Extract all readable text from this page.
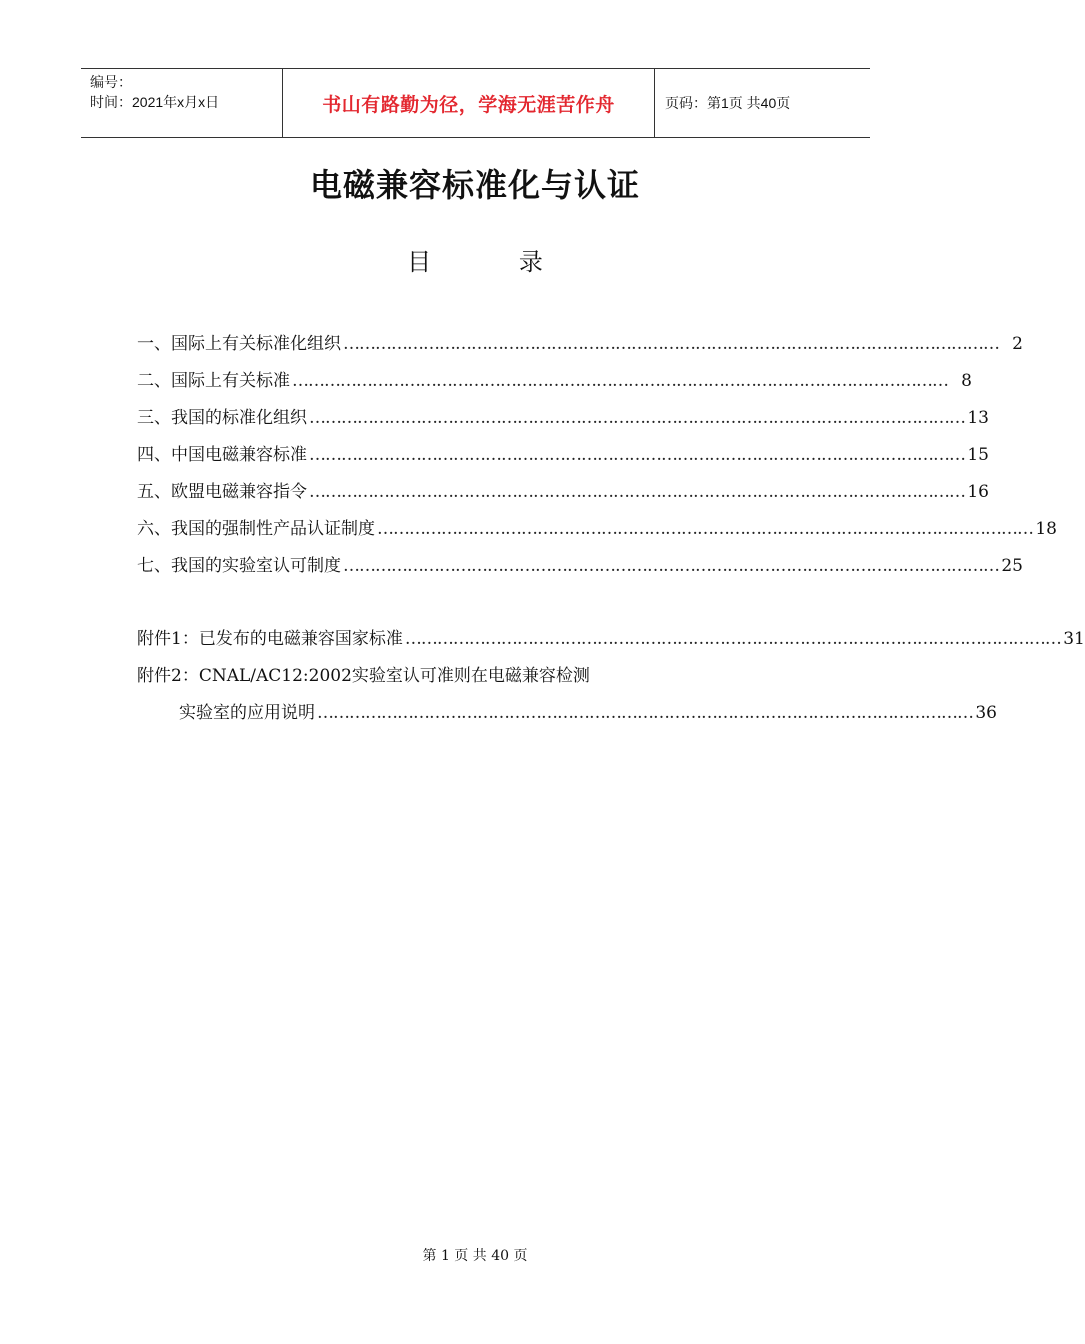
编号：
时间：2021年x月x日	书山有路勤为径，学海无涯苦作舟	页码：第1页 共40页
电磁兼容标准化与认证
目	录
一、国际上有关标准化组织 …………………………………………………………………………………………………………… 2
二、国际上有关标准 …………………………………………………………………………………………………………… 8
三、我国的标准化组织 …………………………………………………………………………………………………………… 13
四、中国电磁兼容标准 …………………………………………………………………………………………………………… 15
五、欧盟电磁兼容指令 …………………………………………………………………………………………………………… 16
六、我国的强制性产品认证制度 …………………………………………………………………………………………………………… 18
七、我国的实验室认可制度 …………………………………………………………………………………………………………… 25
附件1：已发布的电磁兼容国家标准 …………………………………………………………………………………………………………… 31
附件2：CNAL/AC12:2002实验室认可准则在电磁兼容检测
实验室的应用说明 …………………………………………………………………………………………………………… 36
第 1 页 共 40 页
